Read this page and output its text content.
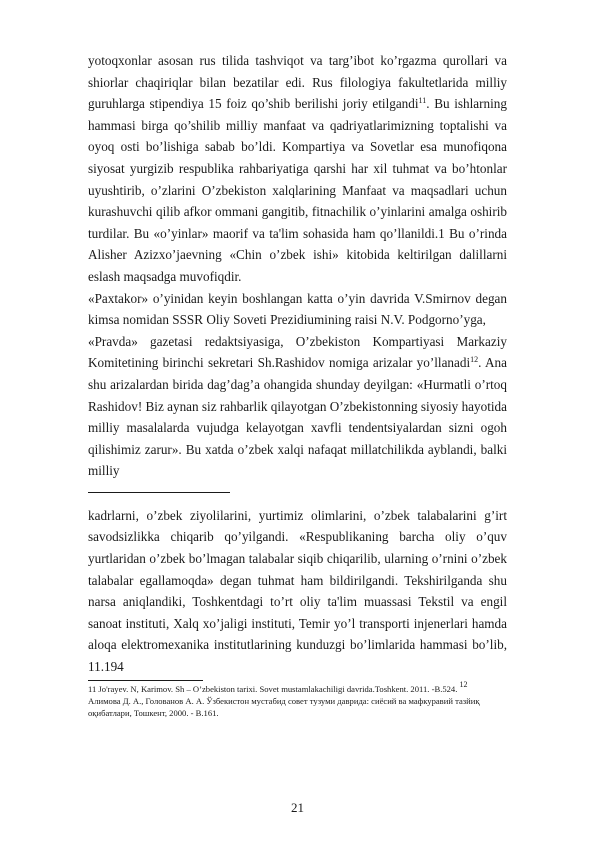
yotoqxonlar asosan rus tilida tashviqot va targ’ibot ko’rgazma qurollari va shiorlar chaqiriqlar bilan bezatilar edi. Rus filologiya fakultetlarida milliy guruhlarga stipendiya 15 foiz qo’shib berilishi joriy etilgandi$^{11}$. Bu ishlarning hammasi birga qo’shilib milliy manfaat va qadriyatlarimizning toptalishi va oyoq osti bo’lishiga sabab bo’ldi. Kompartiya va Sovetlar esa munofiqona siyosat yurgizib respublika rahbariyatiga qarshi har xil tuhmat va bo’htonlar uyushtirib, o’zlarini O’zbekiston xalqlarining Manfaat va maqsadlari uchun kurashuvchi qilib afkor ommani gangitib, fitnachilik o’yinlarini amalga oshirib turdilar. Bu «o’yinlar» maorif va ta'lim sohasida ham qo’llanildi.1 Bu o’rinda Alisher Azizxo’jaevning «Chin o’zbek ishi» kitobida keltirilgan dalillarni eslash maqsadga muvofiqdir.

«Paxtakor» o’yinidan keyin boshlangan katta o’yin davrida V.Smirnov degan kimsa nomidan SSSR Oliy Soveti Prezidiumining raisi N.V. Podgorno’yga,

«Pravda» gazetasi redaktsiyasiga, O’zbekiston Kompartiyasi Markaziy Komitetining birinchi sekretari Sh.Rashidov nomiga arizalar yo’llanadi$^{12}$. Ana shu arizalardan birida dag’dag’a ohangida shunday deyilgan: «Hurmatli o’rtoq Rashidov! Biz aynan siz rahbarlik qilayotgan O’zbekistonning siyosiy hayotida milliy masalalarda vujudga kelayotgan xavfli tendentsiyalardan sizni ogoh qilishimiz zarur». Bu xatda o’zbek xalqi nafaqat millatchilikda ayblandi, balki milliy

kadrlarni, o’zbek ziyolilarini, yurtimiz olimlarini, o’zbek talabalarini g’irt savodsizlikka chiqarib qo’yilgandi. «Respublikaning barcha oliy o’quv yurtlaridan o’zbek bo’lmagan talabalar siqib chiqarilib, ularning o’rnini o’zbek talabalar egallamoqda» degan tuhmat ham bildirilgandi. Tekshirilganda shu narsa aniqlandiki, Toshkentdagi to’rt oliy ta'lim muassasi Tekstil va engil sanoat instituti, Xalq xo’jaligi instituti, Temir yo’l transporti injenerlari hamda aloqa elektromexanika institutlarining kunduzgi bo’limlarida hammasi bo’lib, 11.194

11 Jo'rayev. N, Karimov. Sh – O’zbekiston tarixi. Sovet mustamlakachiligi davrida.Toshkent. 2011. -B.524. $^{12}$

Алимова Д. А., Голованов А. А. Ўзбекистон мустабид совет тузуми даврида: сиёсий ва мафкуравий тазйиқ оқибатлари, Тошкент, 2000. - B.161.

21
